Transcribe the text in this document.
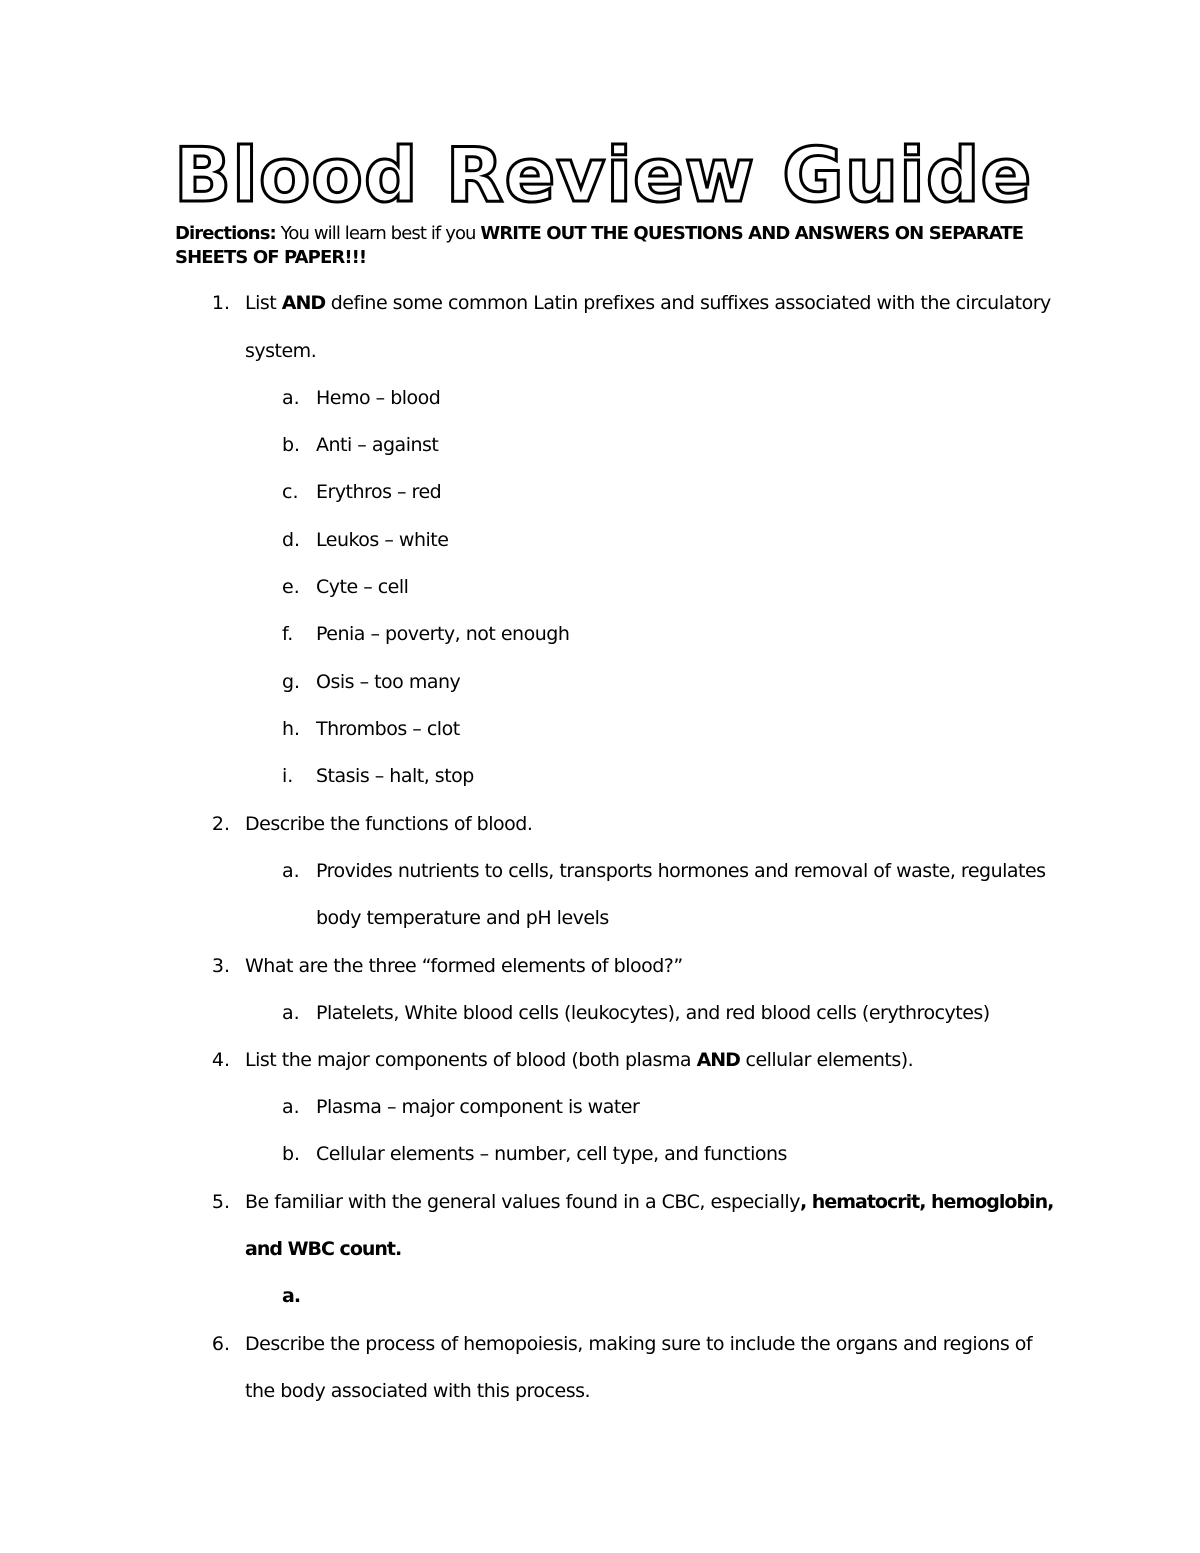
Blood Review Guide
Directions: You will learn best if you WRITE OUT THE QUESTIONS AND ANSWERS ON SEPARATE SHEETS OF PAPER!!!
1. List AND define some common Latin prefixes and suffixes associated with the circulatory
system.
a. Hemo – blood
b. Anti – against
c. Erythros – red
d. Leukos – white
e. Cyte – cell
f.	Penia – poverty, not enough
g. Osis – too many
h. Thrombos – clot
i.	Stasis – halt, stop
2. Describe the functions of blood.
a. Provides nutrients to cells, transports hormones and removal of waste, regulates
body temperature and pH levels
3. What are the three “formed elements of blood?”
a. Platelets, White blood cells (leukocytes), and red blood cells (erythrocytes)
4. List the major components of blood (both plasma AND cellular elements).
a. Plasma – major component is water
b. Cellular elements – number, cell type, and functions
5. Be familiar with the general values found in a CBC, especially, hematocrit, hemoglobin,
and WBC count.
a.
6. Describe the process of hemopoiesis, making sure to include the organs and regions of
the body associated with this process.
